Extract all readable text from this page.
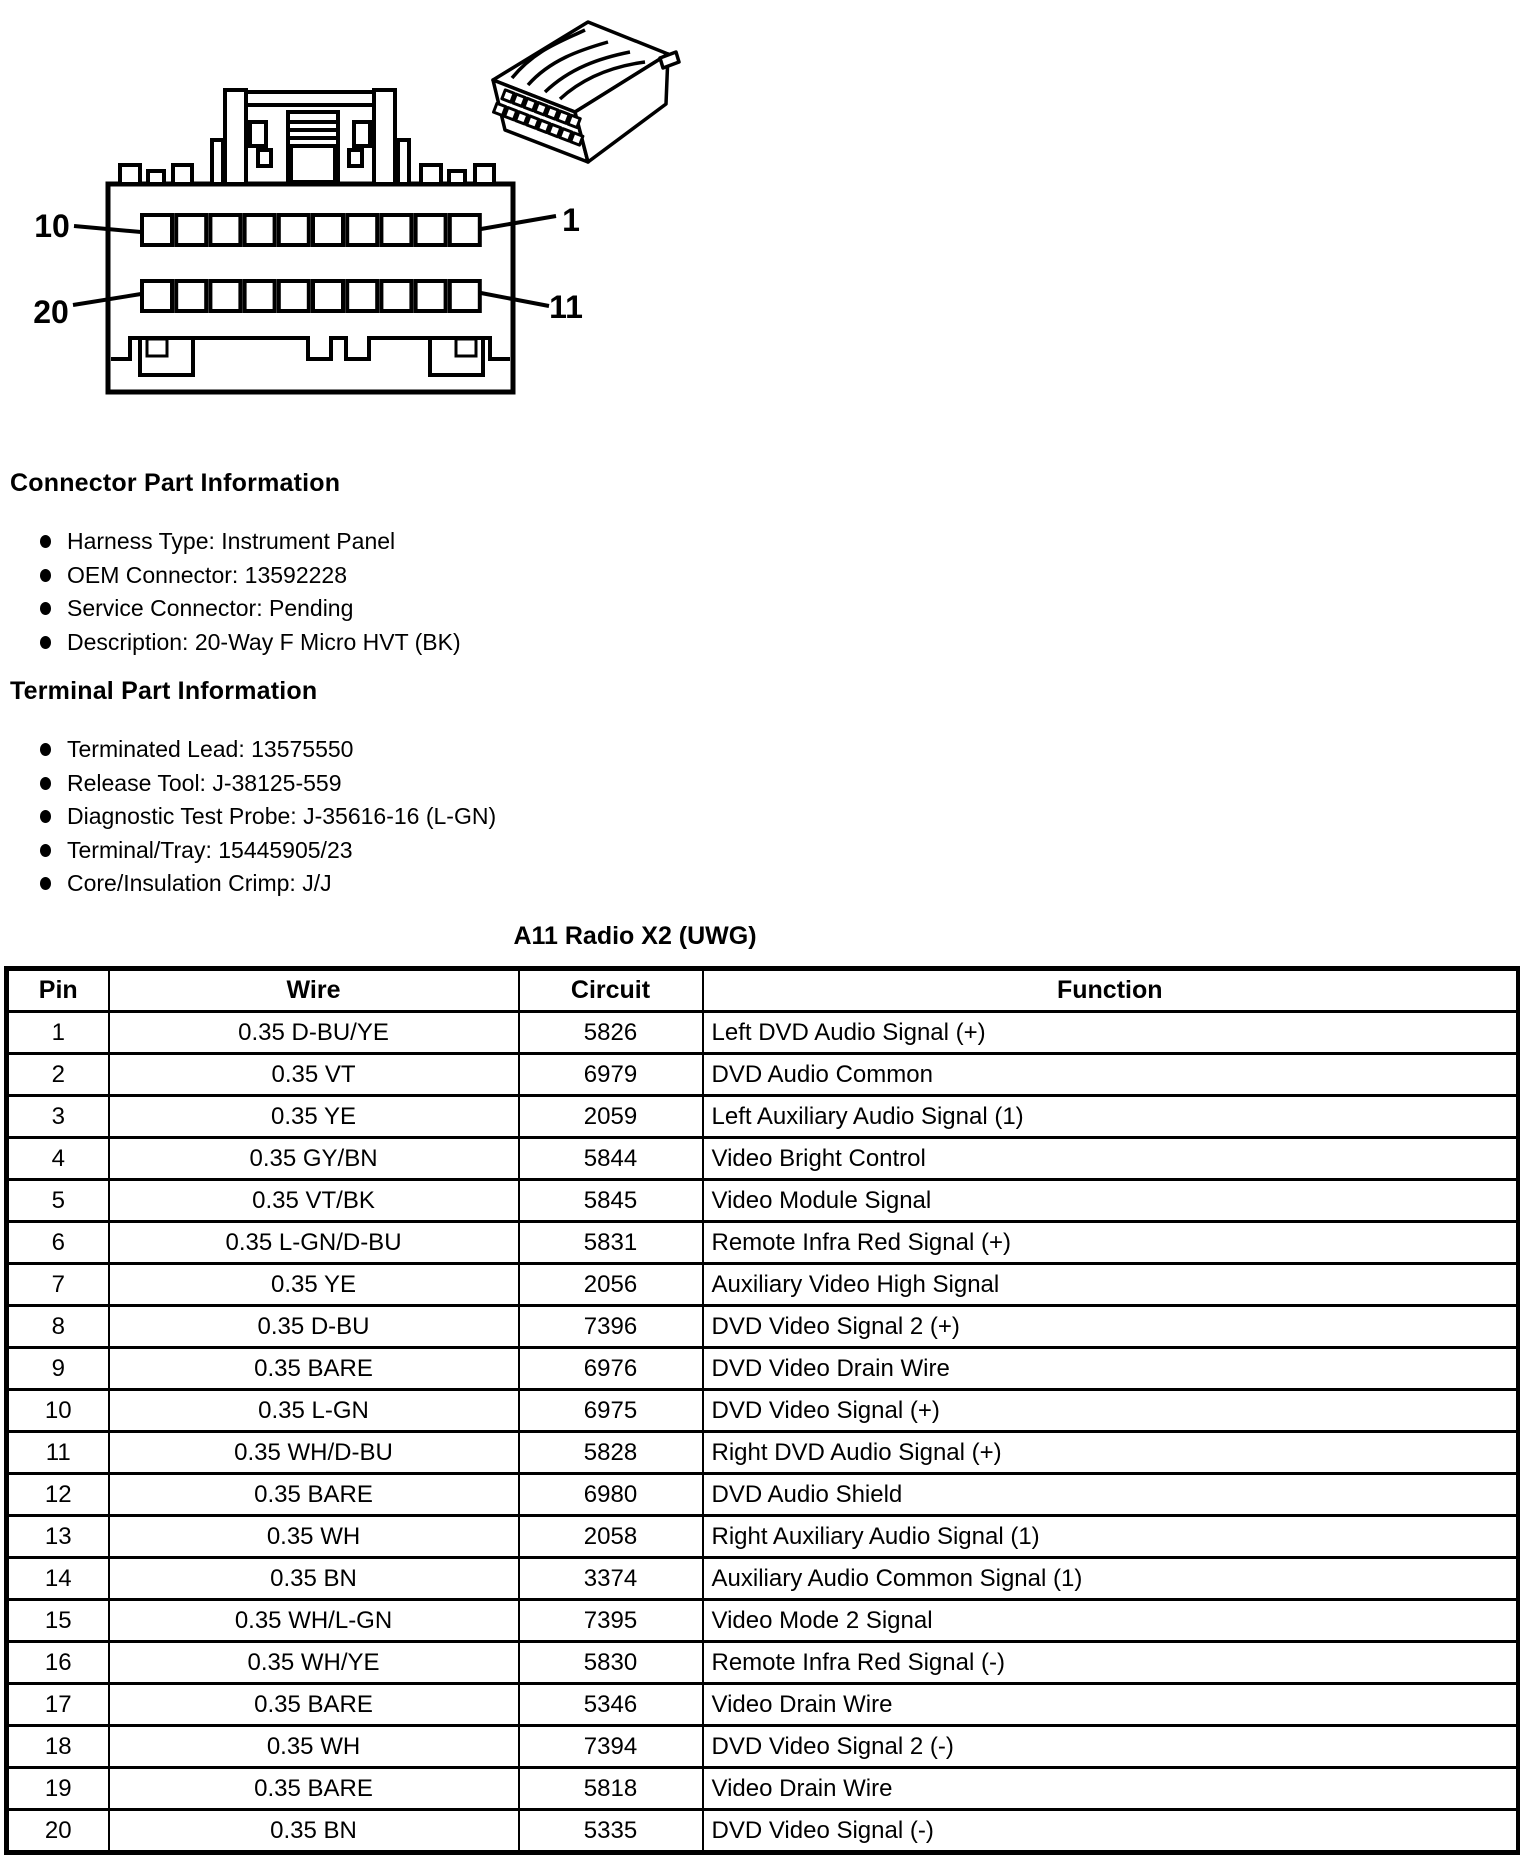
10	1
20	11
Connector Part Information
Harness Type: Instrument Panel
OEM Connector: 13592228
Service Connector: Pending
Description: 20-Way F Micro HVT (BK)
Terminal Part Information
Terminated Lead: 13575550
Release Tool: J-38125-559
Diagnostic Test Probe: J-35616-16 (L-GN)
Terminal/Tray: 15445905/23
Core/Insulation Crimp: J/J
A11 Radio X2 (UWG)
Pin	Wire	Circuit	Function
1	0.35 D-BU/YE	5826	Left DVD Audio Signal (+)
2	0.35 VT	6979	DVD Audio Common
3	0.35 YE	2059	Left Auxiliary Audio Signal (1)
4	0.35 GY/BN	5844	Video Bright Control
5	0.35 VT/BK	5845	Video Module Signal
6	0.35 L-GN/D-BU	5831	Remote Infra Red Signal (+)
7	0.35 YE	2056	Auxiliary Video High Signal
8	0.35 D-BU	7396	DVD Video Signal 2 (+)
9	0.35 BARE	6976	DVD Video Drain Wire
10	0.35 L-GN	6975	DVD Video Signal (+)
11	0.35 WH/D-BU	5828	Right DVD Audio Signal (+)
12	0.35 BARE	6980	DVD Audio Shield
13	0.35 WH	2058	Right Auxiliary Audio Signal (1)
14	0.35 BN	3374	Auxiliary Audio Common Signal (1)
15	0.35 WH/L-GN	7395	Video Mode 2 Signal
16	0.35 WH/YE	5830	Remote Infra Red Signal (-)
17	0.35 BARE	5346	Video Drain Wire
18	0.35 WH	7394	DVD Video Signal 2 (-)
19	0.35 BARE	5818	Video Drain Wire
20	0.35 BN	5335	DVD Video Signal (-)
